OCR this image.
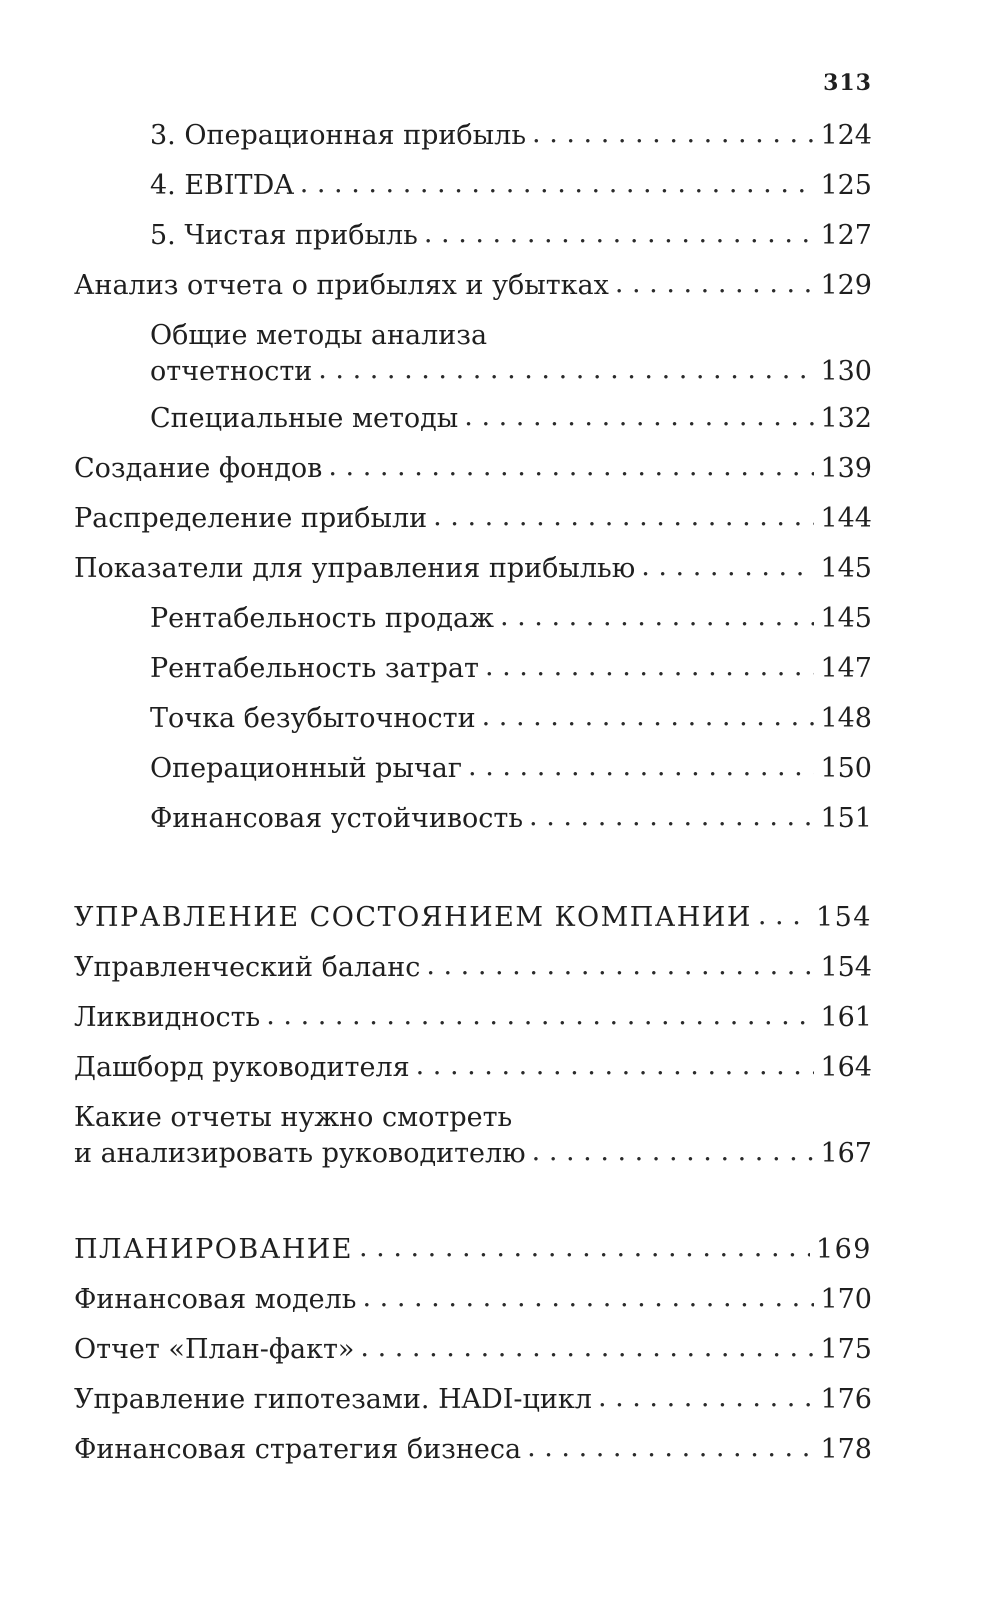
313
3. Операционная прибыль . . .	124
4. EBITDA . . .	125
5. Чистая прибыль . . .	127
Анализ отчета о прибылях и убытках . . .	129
Общие методы анализа
отчетности . . .	130
Специальные методы . . .	132
Создание фондов . . .	139
Распределение прибыли . . .	144
Показатели для управления прибылью . . .	145
Рентабельность продаж . . .	145
Рентабельность затрат . . .	147
Точка безубыточности . . .	148
Операционный рычаг . . .	150
Финансовая устойчивость . . .	151
УПРАВЛЕНИЕ СОСТОЯНИЕМ КОМПАНИИ . . . 154
Управленческий баланс . . .	154
Ликвидность . . .	161
Дашборд руководителя . . .	164
Какие отчеты нужно смотреть
и анализировать руководителю . . .	167
ПЛАНИРОВАНИЕ . . .	169
Финансовая модель . . .	170
Отчет «План-факт» . . .	175
Управление гипотезами. HADI-цикл . . .	176
Финансовая стратегия бизнеса . . .	178
